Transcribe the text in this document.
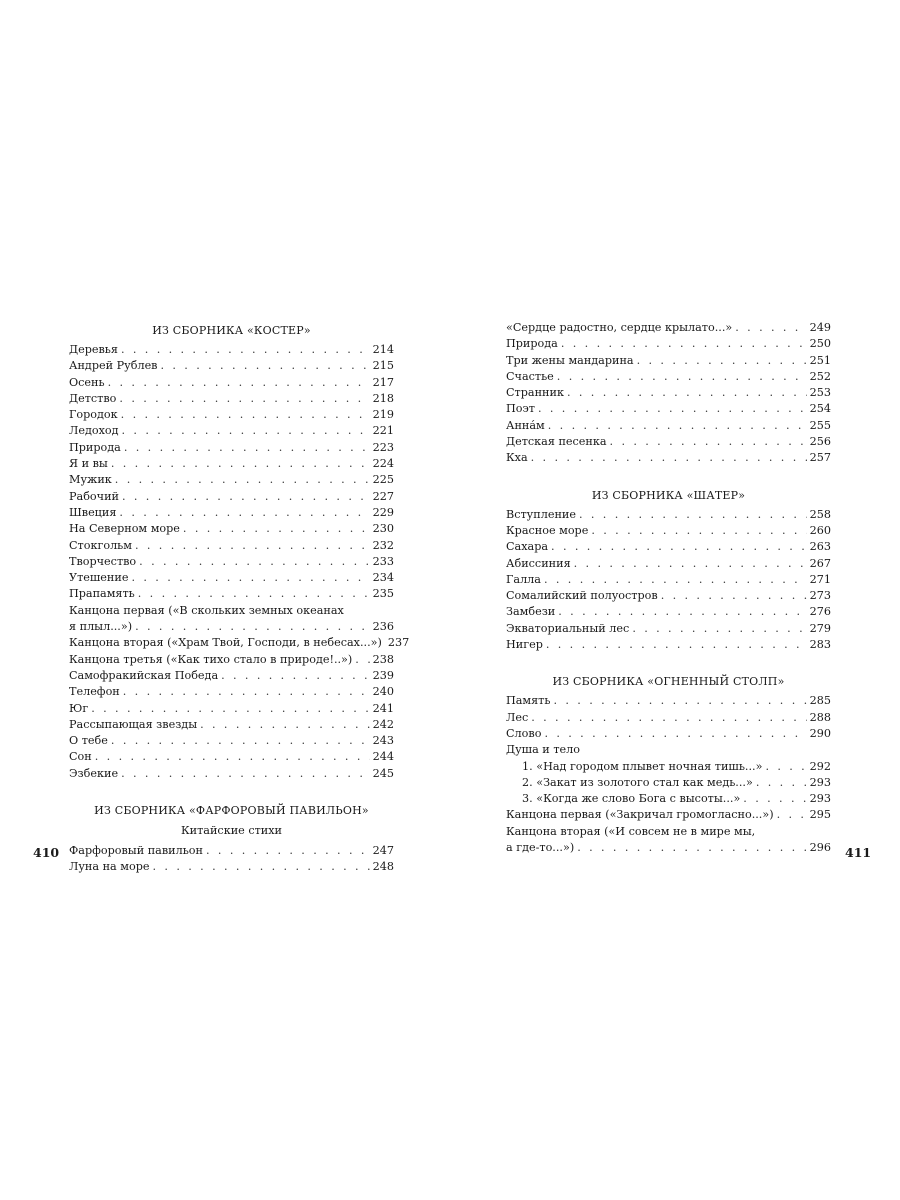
ИЗ СБОРНИКА «КОСТЕР»
Деревья . . .	214
Андрей Рублев . . .	215
Осень . . .	217
Детство . . .	218
Городок . . .	219
Ледоход . . .	221
Природа . . .	223
Я и вы . . .	224
Мужик . . .	225
Рабочий . . .	227
Швеция . . .	229
На Северном море . . .	230
Стокгольм . . .	232
Творчество . . .	233
Утешение . . .	234
Прапамять . . .	235
Канцона первая («В скольких земных океанах
я плыл...») . . .	236
Канцона вторая («Храм Твой, Господи, в небесах...») 237
Канцона третья («Как тихо стало в природе!..») . . . 238
Самофракийская Победа . . .	239
Телефон . . .	240
Юг . . .	241
Рассыпающая звезды . . .	242
О тебе . . .	243
Сон . . .	244
Эзбекие . . .	245
ИЗ СБОРНИКА «ФАРФОРОВЫЙ ПАВИЛЬОН»
Китайские стихи
Фарфоровый павильон . . .	247
Луна на море . . .	248
«Сердце радостно, сердце крылато...» . . .	249
Природа . . .	250
Три жены мандарина . . .	251
Счастье . . .	252
Странник . . .	253
Поэт . . .	254
Анна́м . . .	255
Детская песенка . . .	256
Кха . . .	257
ИЗ СБОРНИКА «ШАТЕР»
Вступление . . .	258
Красное море . . .	260
Сахара . . .	263
Абиссиния . . .	267
Галла . . .	271
Сомалийский полуостров . . .	273
Замбези . . .	276
Экваториальный лес . . .	279
Нигер . . .	283
ИЗ СБОРНИКА «ОГНЕННЫЙ СТОЛП»
Память . . .	285
Лес . . .	288
Слово . . .	290
Душа и тело
1. «Над городом плывет ночная тишь...» . . .	292
2. «Закат из золотого стал как медь...» . . .	293
3. «Когда же слово Бога с высоты...» . . .	293
Канцона первая («Закричал громогласно...») . . .	295
Канцона вторая («И совсем не в мире мы,
а где-то...») . . .	296
410	411
